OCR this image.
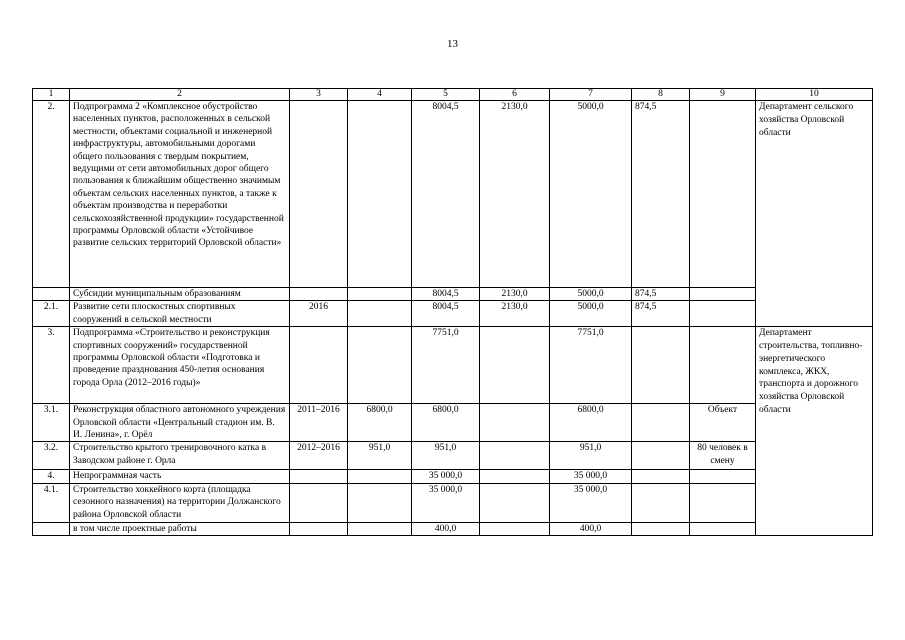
13
1	2	3	4	5	6	7	8	9	10
2.	Подпрограмма 2 «Комплексное обустройство населенных пунктов, расположенных в сельской местности, объектами социальной и инженерной инфраструктуры, автомобильными дорогами общего пользования с твердым покрытием, ведущими от сети автомобильных дорог общего пользования к ближайшим общественно значимым объектам сельских населенных пунктов, а также к объектам производства и переработки сельскохозяйственной продукции» государственной программы Орловской области «Устойчивое развитие сельских территорий Орловской области»			8004,5	2130,0	5000,0	874,5		Департамент сельского хозяйства Орловской области
	Субсидии муниципальным образованиям			8004,5	2130,0	5000,0	874,5		
2.1.	Развитие сети плоскостных спортивных сооружений в сельской местности	2016		8004,5	2130,0	5000,0	874,5		
3.	Подпрограмма «Строительство и реконструкция спортивных сооружений» государственной программы Орловской области «Подготовка и проведение празднования 450-летия основания города Орла (2012–2016 годы)»			7751,0		7751,0			Департамент строительства, топливно-энергетического комплекса, ЖКХ, транспорта и дорожного хозяйства Орловской области
3.1.	Реконструкция областного автономного учреждения Орловской области «Центральный стадион им. В. И. Ленина», г. Орёл	2011–2016	6800,0	6800,0		6800,0		Объект	
3.2.	Строительство крытого тренировочного катка в Заводском районе г. Орла	2012–2016	951,0	951,0		951,0		80 человек в смену	
4.	Непрограммная часть			35 000,0		35 000,0			
4.1.	Строительство хоккейного корта (площадка сезонного назначения) на территории Должанского района Орловской области			35 000,0		35 000,0			
	в том числе проектные работы			400,0		400,0			
